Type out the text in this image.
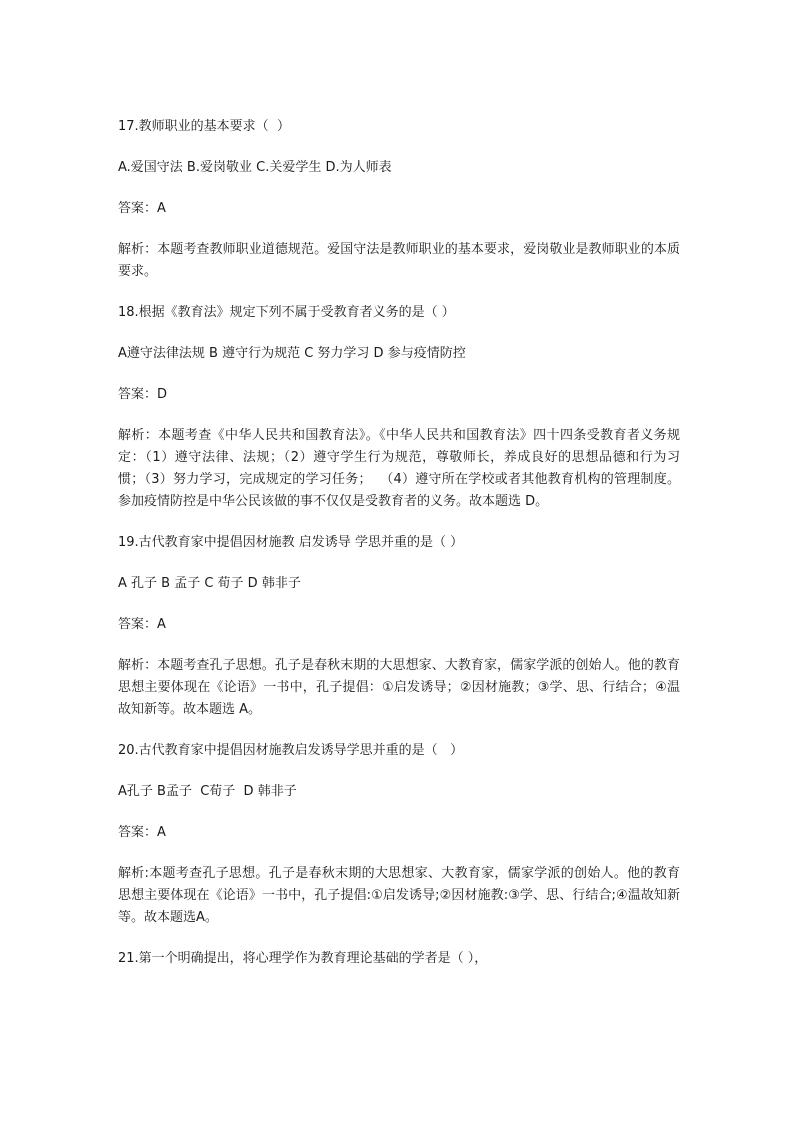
17.教师职业的基本要求（  ）

A.爱国守法 B.爱岗敬业 C.关爱学生 D.为人师表

答案：A

解析：本题考查教师职业道德规范。爱国守法是教师职业的基本要求，爱岗敬业是教师职业的本质要求。

18.根据《教育法》规定下列不属于受教育者义务的是（ ）

A遵守法律法规 B 遵守行为规范 C 努力学习 D 参与疫情防控

答案：D

解析：本题考查《中华人民共和国教育法》。《中华人民共和国教育法》四十四条受教育者义务规定：（1）遵守法律、法规；（2）遵守学生行为规范，尊敬师长，养成良好的思想品德和行为习惯；（3）努力学习，完成规定的学习任务；  （4）遵守所在学校或者其他教育机构的管理制度。参加疫情防控是中华公民该做的事不仅仅是受教育者的义务。故本题选 D。

19.古代教育家中提倡因材施教 启发诱导 学思并重的是（ ）

A 孔子 B 孟子 C 荀子 D 韩非子

答案：A

解析：本题考查孔子思想。孔子是春秋末期的大思想家、大教育家，儒家学派的创始人。他的教育思想主要体现在《论语》一书中，孔子提倡：①启发诱导；②因材施教；③学、思、行结合；④温故知新等。故本题选 A。

20.古代教育家中提倡因材施教启发诱导学思并重的是（   ）

A孔子 B孟子  C荀子  D 韩非子

答案：A

解析:本题考查孔子思想。孔子是春秋末期的大思想家、大教育家，儒家学派的创始人。他的教育思想主要体现在《论语》一书中，孔子提倡:①启发诱导;②因材施教:③学、思、行结合;④温故知新等。故本题选A。

21.第一个明确提出，将心理学作为教育理论基础的学者是（ ），
